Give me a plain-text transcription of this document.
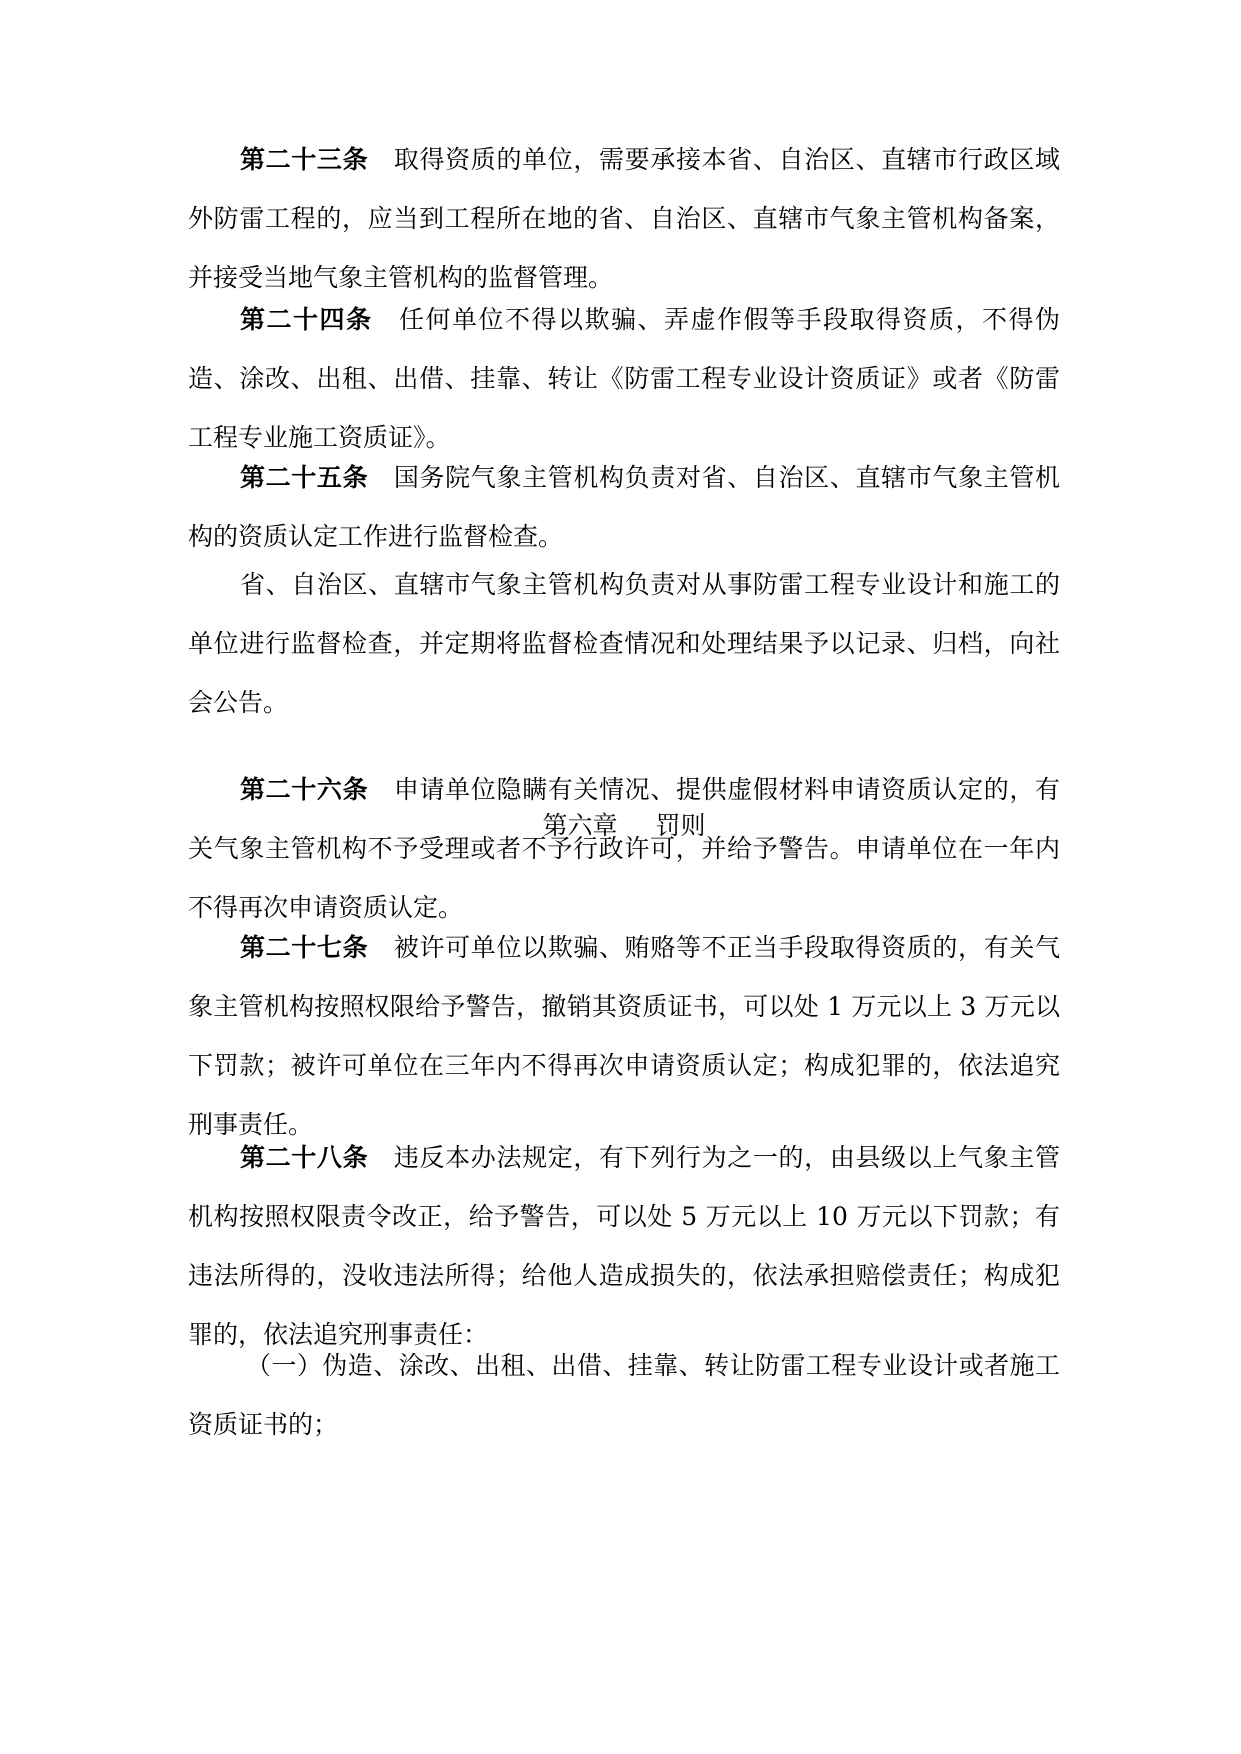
第二十三条  取得资质的单位，需要承接本省、自治区、直辖市行政区域外防雷工程的，应当到工程所在地的省、自治区、直辖市气象主管机构备案，并接受当地气象主管机构的监督管理。

第二十四条  任何单位不得以欺骗、弄虚作假等手段取得资质，不得伪造、涂改、出租、出借、挂靠、转让《防雷工程专业设计资质证》或者《防雷工程专业施工资质证》。

第二十五条  国务院气象主管机构负责对省、自治区、直辖市气象主管机构的资质认定工作进行监督检查。

省、自治区、直辖市气象主管机构负责对从事防雷工程专业设计和施工的单位进行监督检查，并定期将监督检查情况和处理结果予以记录、归档，向社会公告。

第六章 罚则

第二十六条  申请单位隐瞒有关情况、提供虚假材料申请资质认定的，有关气象主管机构不予受理或者不予行政许可，并给予警告。申请单位在一年内不得再次申请资质认定。

第二十七条  被许可单位以欺骗、贿赂等不正当手段取得资质的，有关气象主管机构按照权限给予警告，撤销其资质证书，可以处 1 万元以上 3 万元以下罚款；被许可单位在三年内不得再次申请资质认定；构成犯罪的，依法追究刑事责任。

第二十八条  违反本办法规定，有下列行为之一的，由县级以上气象主管机构按照权限责令改正，给予警告，可以处 5 万元以上 10 万元以下罚款；有违法所得的，没收违法所得；给他人造成损失的，依法承担赔偿责任；构成犯罪的，依法追究刑事责任：

（一）伪造、涂改、出租、出借、挂靠、转让防雷工程专业设计或者施工资质证书的；
